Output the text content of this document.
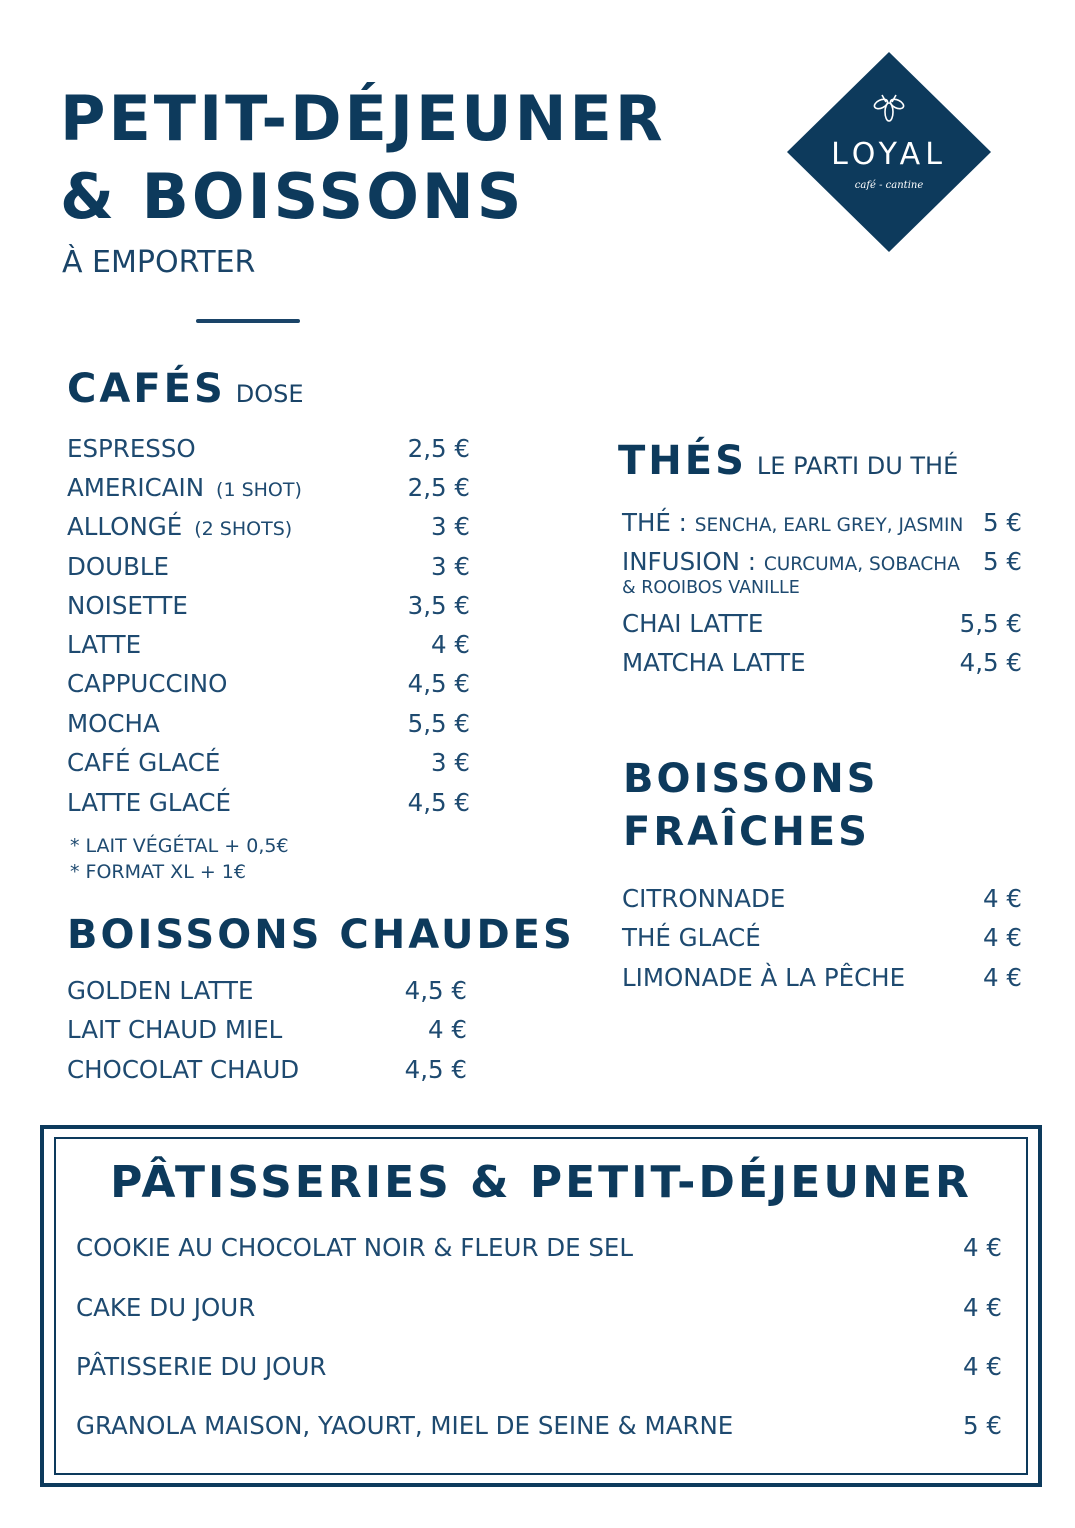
PETIT-DÉJEUNER
& BOISSONS
À EMPORTER
LOYAL
café - cantine
CAFÉS DOSE
ESPRESSO	2,5 €
AMERICAIN (1 SHOT)	2,5 €
ALLONGÉ (2 SHOTS)	3 €
DOUBLE	3 €
NOISETTE	3,5 €
LATTE	4 €
CAPPUCCINO	4,5 €
MOCHA	5,5 €
CAFÉ GLACÉ	3 €
LATTE GLACÉ	4,5 €
* LAIT VÉGÉTAL + 0,5€
* FORMAT XL + 1€
BOISSONS CHAUDES
GOLDEN LATTE	4,5 €
LAIT CHAUD MIEL	4 €
CHOCOLAT CHAUD	4,5 €
THÉS LE PARTI DU THÉ
THÉ : SENCHA, EARL GREY, JASMIN 5 €
INFUSION : CURCUMA, SOBACHA 5 €
& ROOIBOS VANILLE
CHAI LATTE	5,5 €
MATCHA LATTE	4,5 €
BOISSONS
FRAÎCHES
CITRONNADE	4 €
THÉ GLACÉ	4 €
LIMONADE À LA PÊCHE	4 €
PÂTISSERIES & PETIT-DÉJEUNER
COOKIE AU CHOCOLAT NOIR & FLEUR DE SEL	4 €
CAKE DU JOUR	4 €
PÂTISSERIE DU JOUR	4 €
GRANOLA MAISON, YAOURT, MIEL DE SEINE & MARNE	5 €
